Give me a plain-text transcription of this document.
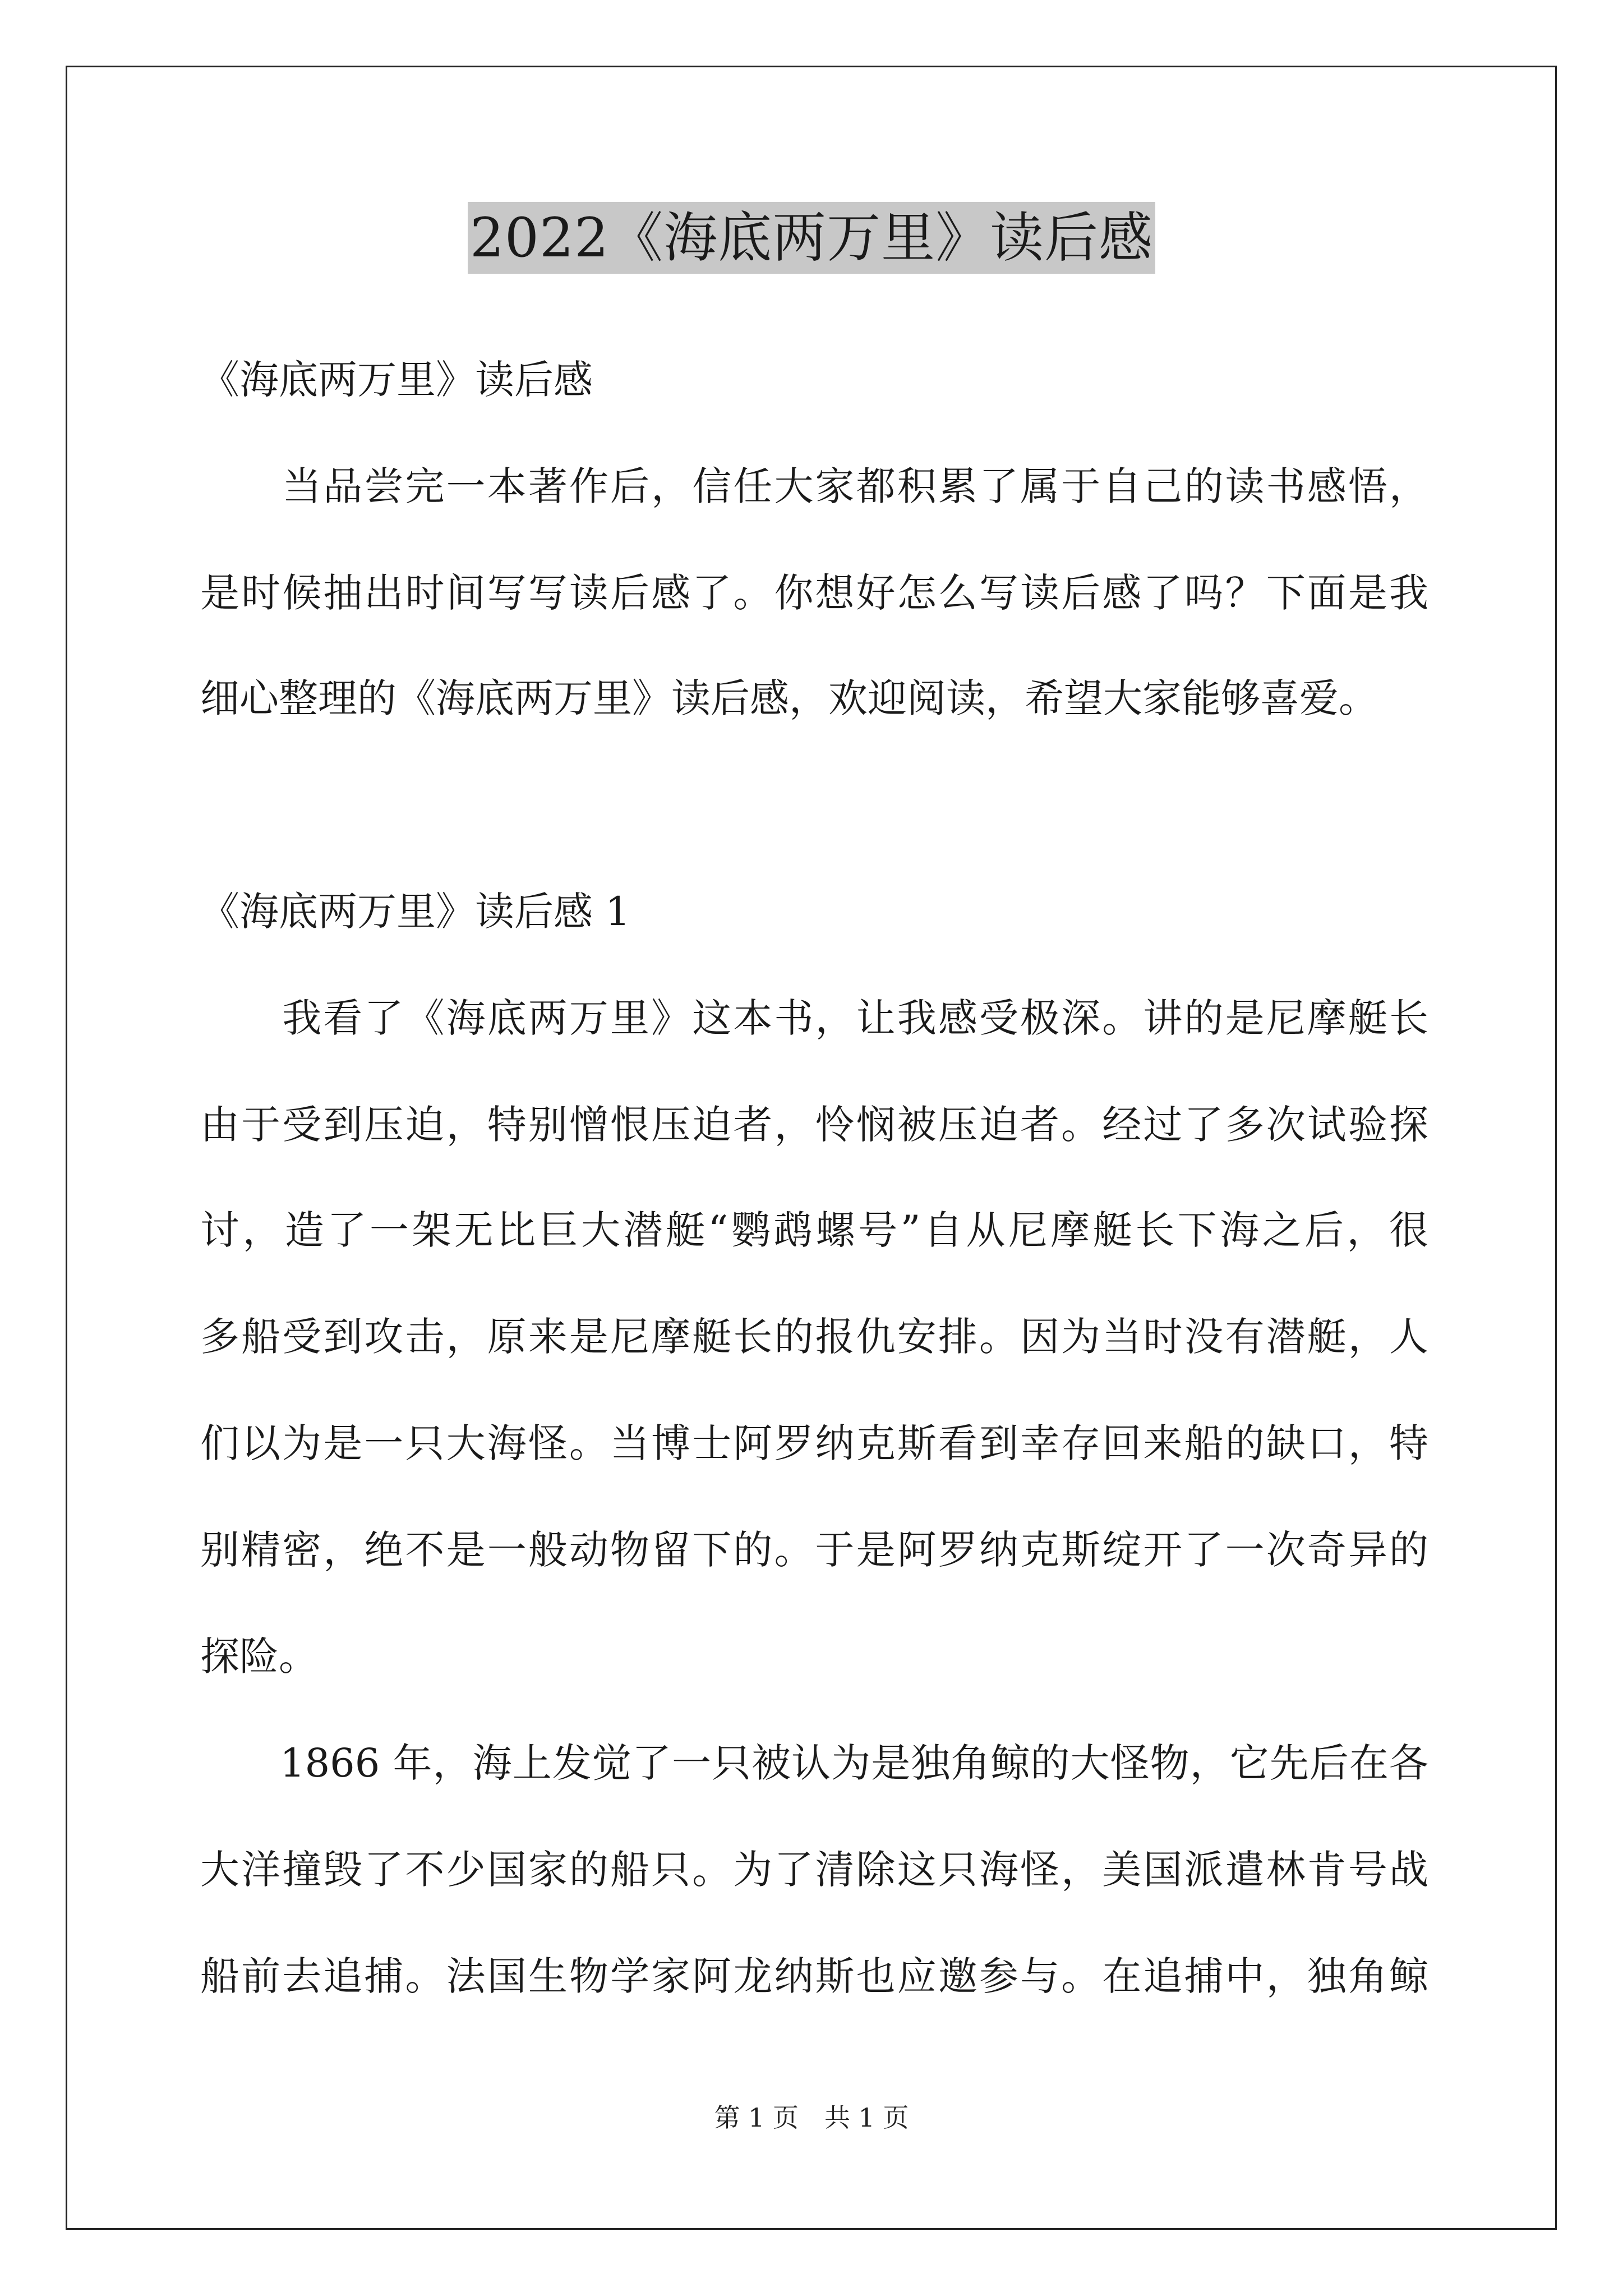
2022《海底两万里》读后感
《海底两万里》读后感
　　当品尝完一本著作后，信任大家都积累了属于自己的读书感悟，
是时候抽出时间写写读后感了。你想好怎么写读后感了吗？下面是我
细心整理的《海底两万里》读后感，欢迎阅读，希望大家能够喜爱。
《海底两万里》读后感 1
　　我看了《海底两万里》这本书，让我感受极深。讲的是尼摩艇长
由于受到压迫，特别憎恨压迫者，怜悯被压迫者。经过了多次试验探
讨，造了一架无比巨大潜艇“鹦鹉螺号”自从尼摩艇长下海之后，很
多船受到攻击，原来是尼摩艇长的报仇安排。因为当时没有潜艇，人
们以为是一只大海怪。当博士阿罗纳克斯看到幸存回来船的缺口，特
别精密，绝不是一般动物留下的。于是阿罗纳克斯绽开了一次奇异的
探险。
　　1866 年，海上发觉了一只被认为是独角鲸的大怪物，它先后在各
大洋撞毁了不少国家的船只。为了清除这只海怪，美国派遣林肯号战
船前去追捕。法国生物学家阿龙纳斯也应邀参与。在追捕中，独角鲸
第 1 页　共 1 页
